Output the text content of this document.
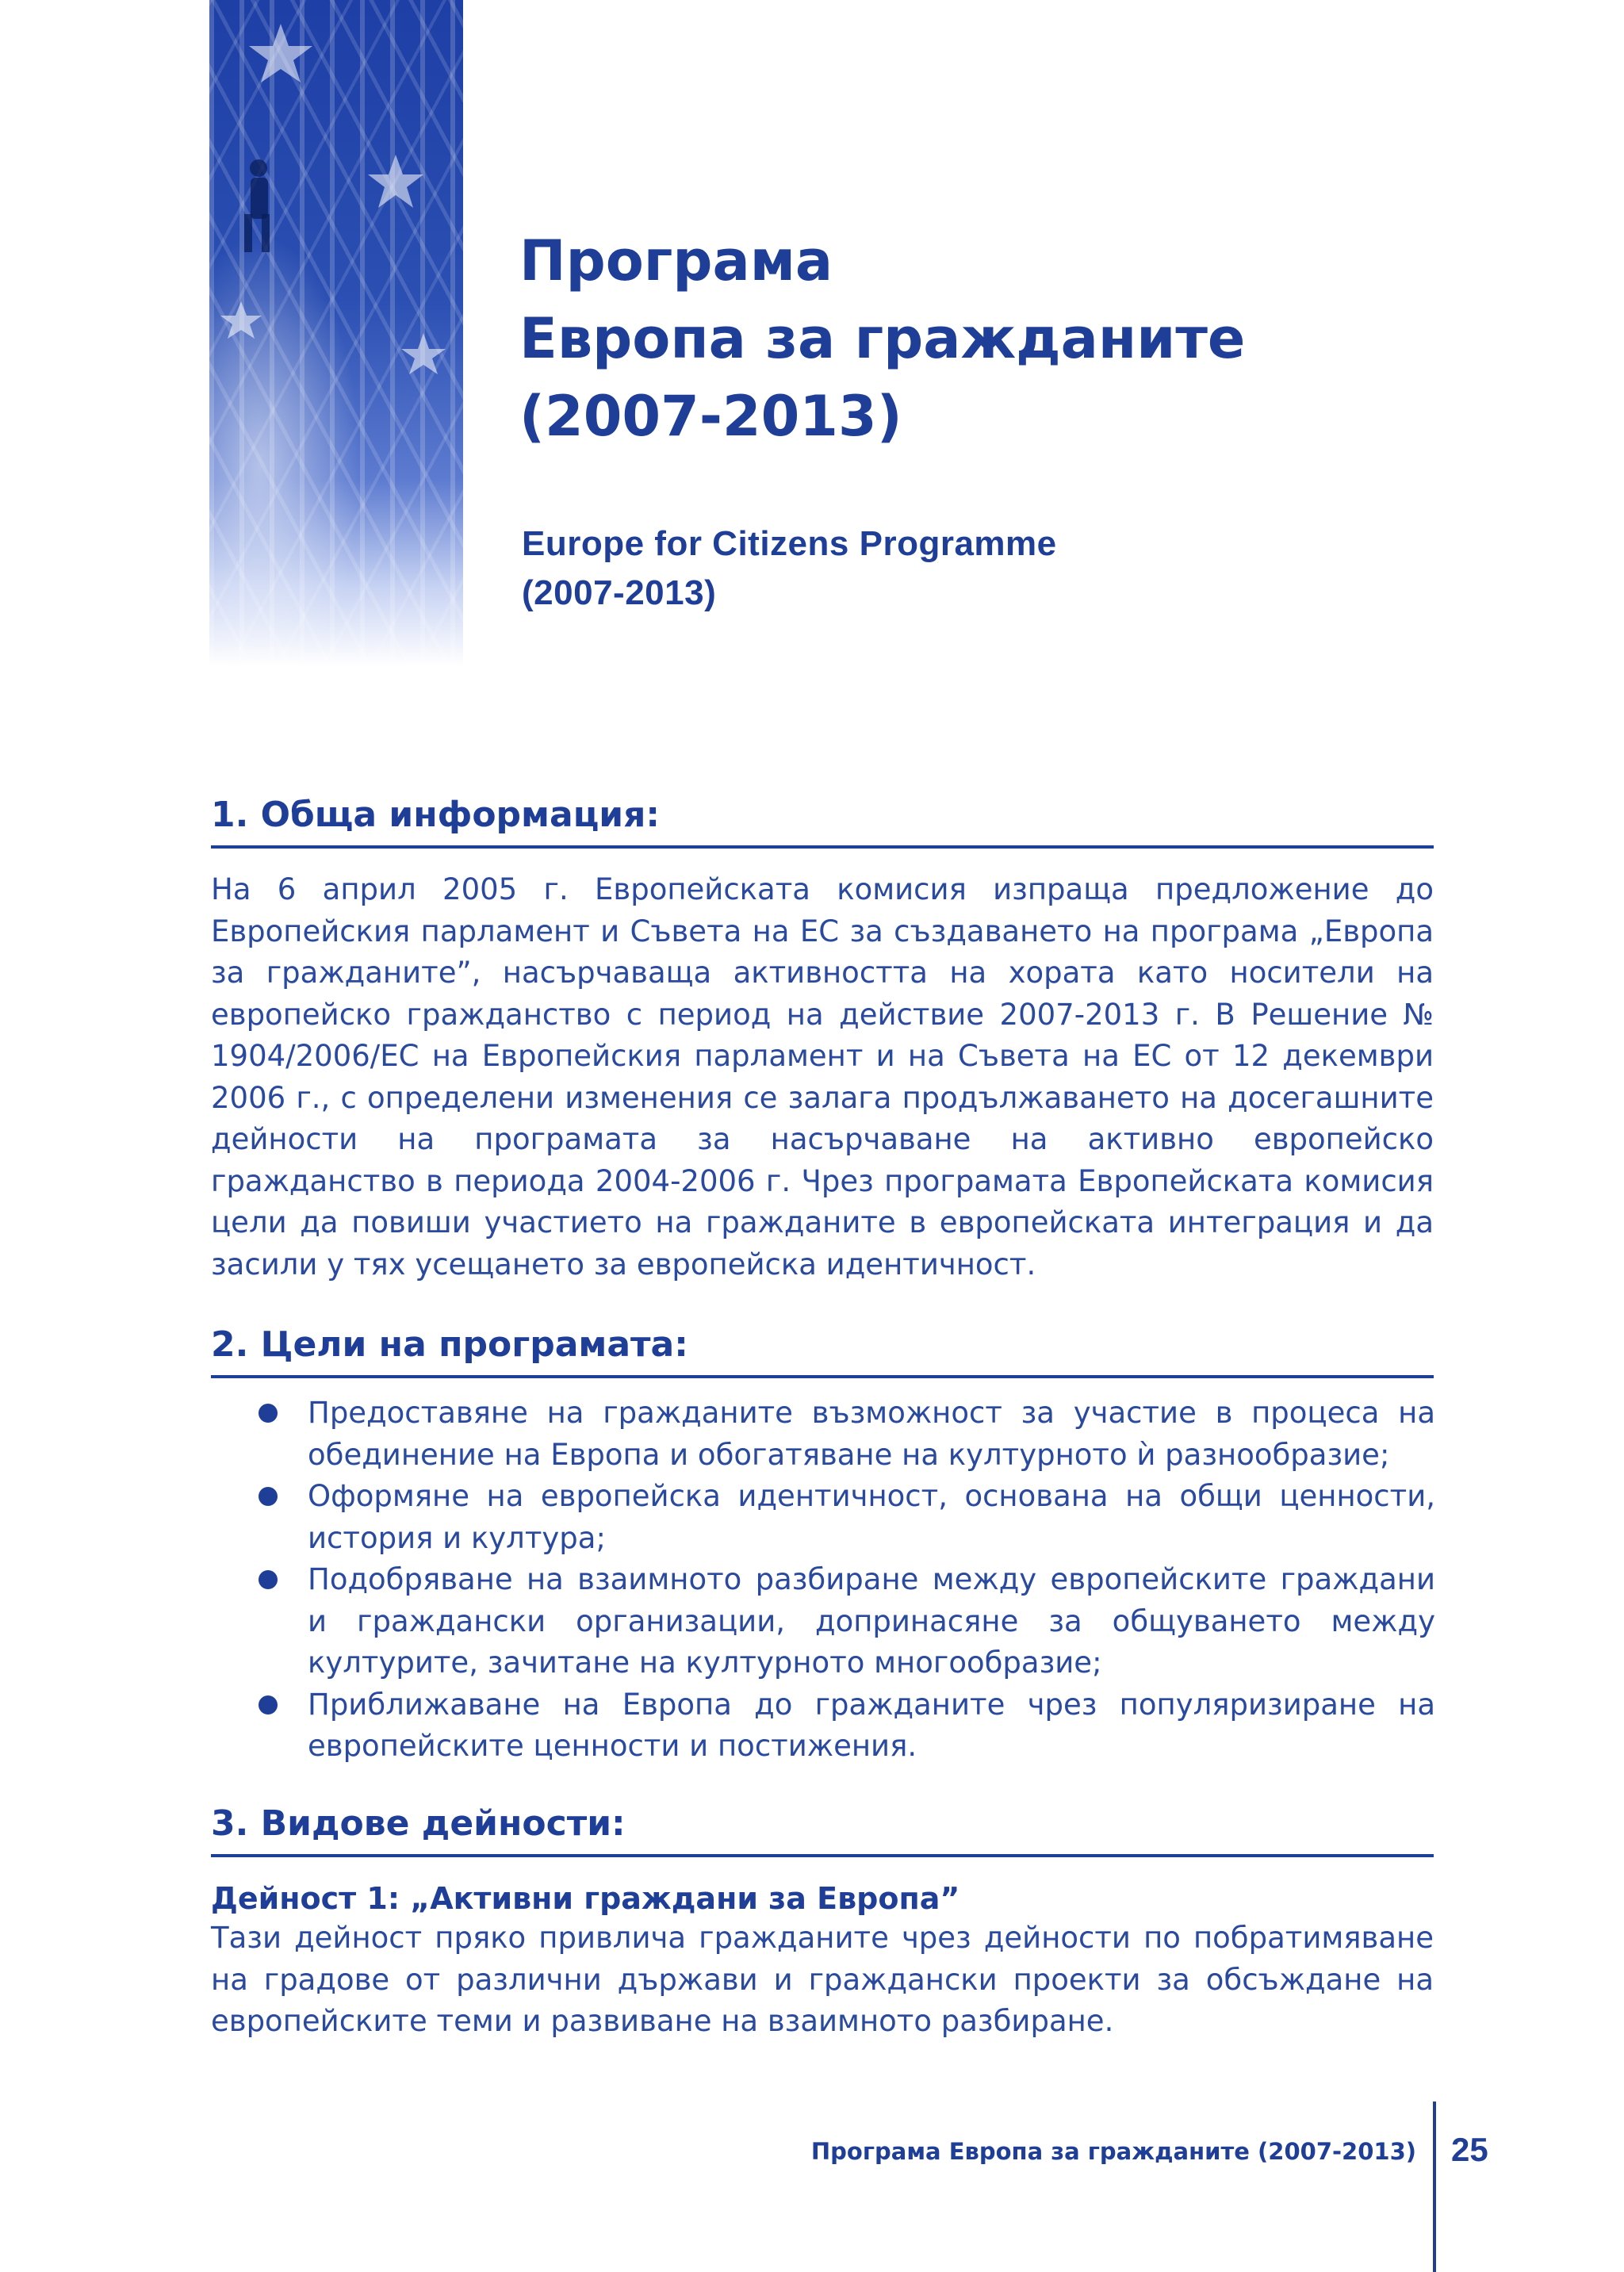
Програма
Европа за гражданите
(2007-2013)
Europe for Citizens Programme
(2007-2013)
1. Обща информация:

На 6 април 2005 г. Европейската комисия изпраща предложение до Европейския парламент и Съвета на ЕС за създаването на програма „Европа за гражданите”, насърчаваща активността на хората като носители на европейско гражданство с период на действие 2007-2013 г. В Решение № 1904/2006/ЕС на Европейския парламент и на Съвета на ЕС от 12 декември 2006 г., с определени изменения се залага продължаването на досегашните дейности на програмата за насърчаване на активно европейско гражданство в периода 2004-2006 г. Чрез програмата Европейската комисия цели да повиши участието на гражданите в европейската интеграция и да засили у тях усещането за европейска идентичност.

2. Цели на програмата:
Предоставяне на гражданите възможност за участие в процеса на обединение на Европа и обогатяване на културното ѝ разнообразие;
Оформяне на европейска идентичност, основана на общи ценности, история и култура;
Подобряване на взаимното разбиране между европейските граждани и граждански организации, допринасяне за общуването между културите, зачитане на културното многообразие;
Приближаване на Европа до гражданите чрез популяризиране на европейските ценности и постижения.
3. Видове дейности:
Дейност 1: „Активни граждани за Европа”

Тази дейност пряко привлича гражданите чрез дейности по побратимяване на градове от различни държави и граждански проекти за обсъждане на европейските теми и развиване на взаимното разбиране.

Програма Европа за гражданите (2007-2013) 25
